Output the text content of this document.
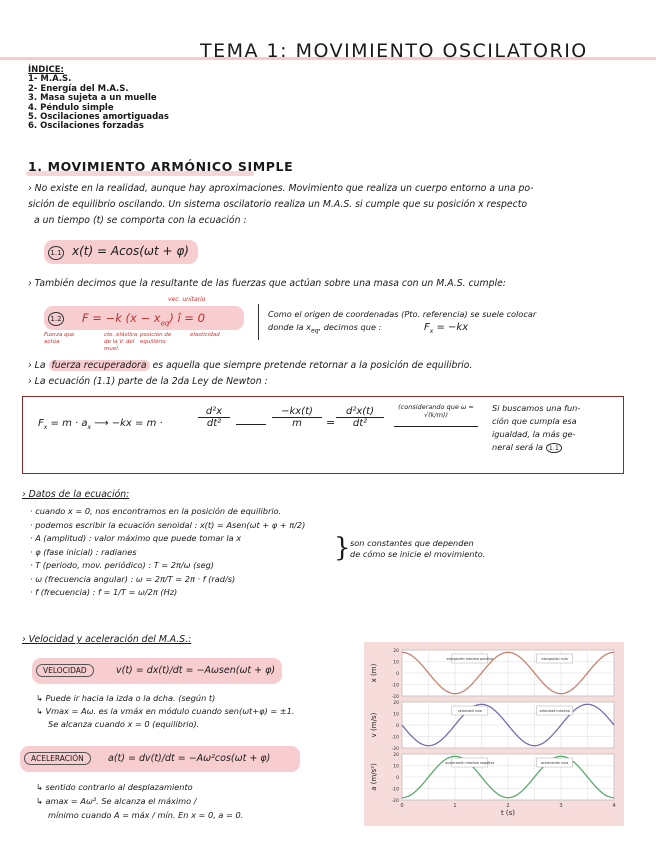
TEMA 1: MOVIMIENTO OSCILATORIO
ÍNDICE:
1- M.A.S.
2- Energía del M.A.S.
3. Masa sujeta a un muelle
4. Péndulo simple
5. Oscilaciones amortiguadas
6. Oscilaciones forzadas
1. MOVIMIENTO ARMÓNICO SIMPLE
› No existe en la realidad, aunque hay aproximaciones. Movimiento que realiza un cuerpo entorno a una po-
sición de equilibrio oscilando. Un sistema oscilatorio realiza un M.A.S. si cumple que su posición x respecto
a un tiempo (t) se comporta con la ecuación :
1.1 x(t) = Acos(ωt + φ)
› También decimos que la resultante de las fuerzas que actúan sobre una masa con un M.A.S. cumple:
1.2 F = −k $(x - x_{eq})$ î = 0
vec. unitario
Fuerza que actúa
cte. elástica de la V. del muel.
posición de equilibrio
elasticidad
Como el origen de coordenadas (Pto. referencia) se suele colocar
donde la $x_{eq}$, decimos que :	$F_x = -kx$
› La fuerza recuperadora es aquella que siempre pretende retornar a la posición de equilibrio.
› La ecuación (1.1) parte de la 2da Ley de Newton :
$F_x = m \cdot a_x$ ⟶ −kx = m ·	$\frac{\text{d²x}}{\text{dt²}}$	$\frac{-kx(t)}{m} = \frac{\text{d²x(t)}}{\text{dt²}}$	(considerando que ω = √(k/m))
Si buscamos una fun-
ción que cumpla esa
igualdad, la más ge-
neral será la 1.1
› Datos de la ecuación:
· cuando x = 0, nos encontramos en la posición de equilibrio.
· podemos escribir la ecuación senoidal : x(t) = Asen(ωt + φ + π/2)
· A (amplitud) : valor máximo que puede tomar la x
· φ (fase inicial) : radianes
· T (periodo, mov. periódico) : T = 2π/ω (seg)
· ω (frecuencia angular) : ω = 2π/T = 2π · f (rad/s)
· f (frecuencia) : f = 1/T = ω/2π (Hz)
} son constantes que dependen
de cómo se inicie el movimiento.
› Velocidad y aceleración del M.A.S.:
VELOCIDAD	v(t) = dx(t)/dt = −Aωsen(ωt + φ)
↳ Puede ir hacia la izda o la dcha. (según t)
↳ Vmax = Aω. es la vmáx en módulo cuando sen(ωt+φ) = ±1.
Se alcanza cuando x = 0 (equilibrio).
ACELERACIÓN	a(t) = dv(t)/dt = −Aω²cos(ωt + φ)
↳ sentido contrario al desplazamiento
↳ amax = Aω². Se alcanza el máximo /
mínimo cuando A = máx / mín. En x = 0, a = 0.
20
10
0
-10
-20
x (m)
elongación máxima positiva	elongación nula
20
10
0
-10
-20
v (m/s)
velocidad nula	velocidad máxima
20
10
0
-10
-20
a (m/s²)
aceleración máxima negativa	aceleración nula
0	1	2	3	4
t (s)
